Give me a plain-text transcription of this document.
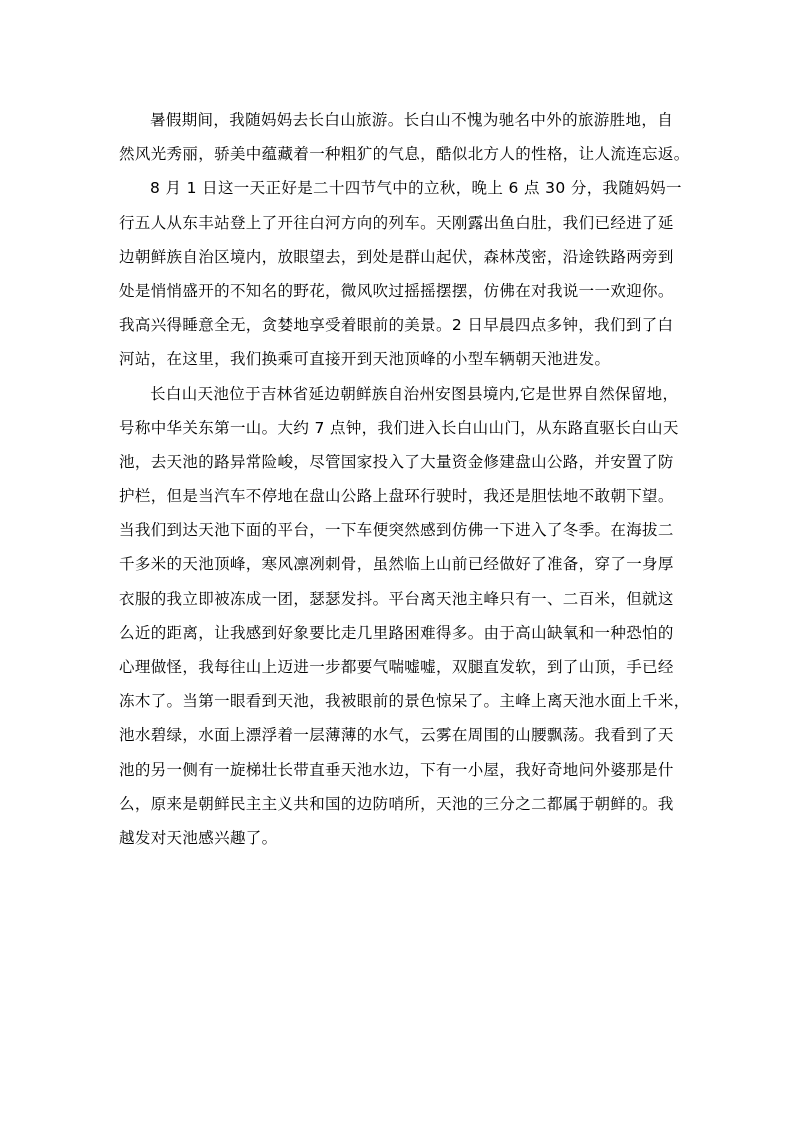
暑假期间，我随妈妈去长白山旅游。长白山不愧为驰名中外的旅游胜地，自
然风光秀丽，骄美中蕴藏着一种粗犷的气息，酷似北方人的性格，让人流连忘返。
8 月 1 日这一天正好是二十四节气中的立秋，晚上 6 点 30 分，我随妈妈一
行五人从东丰站登上了开往白河方向的列车。天刚露出鱼白肚，我们已经进了延
边朝鲜族自治区境内，放眼望去，到处是群山起伏，森林茂密，沿途铁路两旁到
处是悄悄盛开的不知名的野花，微风吹过摇摇摆摆，仿佛在对我说一一欢迎你。
我高兴得睡意全无，贪婪地享受着眼前的美景。2 日早晨四点多钟，我们到了白
河站，在这里，我们换乘可直接开到天池顶峰的小型车辆朝天池进发。
长白山天池位于吉林省延边朝鲜族自治州安图县境内,它是世界自然保留地，
号称中华关东第一山。大约 7 点钟，我们进入长白山山门，从东路直驱长白山天
池，去天池的路异常险峻，尽管国家投入了大量资金修建盘山公路，并安置了防
护栏，但是当汽车不停地在盘山公路上盘环行驶时，我还是胆怯地不敢朝下望。
当我们到达天池下面的平台，一下车便突然感到仿佛一下进入了冬季。在海拔二
千多米的天池顶峰，寒风凛冽刺骨，虽然临上山前已经做好了准备，穿了一身厚
衣服的我立即被冻成一团，瑟瑟发抖。平台离天池主峰只有一、二百米，但就这
么近的距离，让我感到好象要比走几里路困难得多。由于高山缺氧和一种恐怕的
心理做怪，我每往山上迈进一步都要气喘嘘嘘，双腿直发软，到了山顶，手已经
冻木了。当第一眼看到天池，我被眼前的景色惊呆了。主峰上离天池水面上千米，
池水碧绿，水面上漂浮着一层薄薄的水气，云雾在周围的山腰飘荡。我看到了天
池的另一侧有一旋梯壮长带直垂天池水边，下有一小屋，我好奇地问外婆那是什
么，原来是朝鲜民主主义共和国的边防哨所，天池的三分之二都属于朝鲜的。我
越发对天池感兴趣了。
